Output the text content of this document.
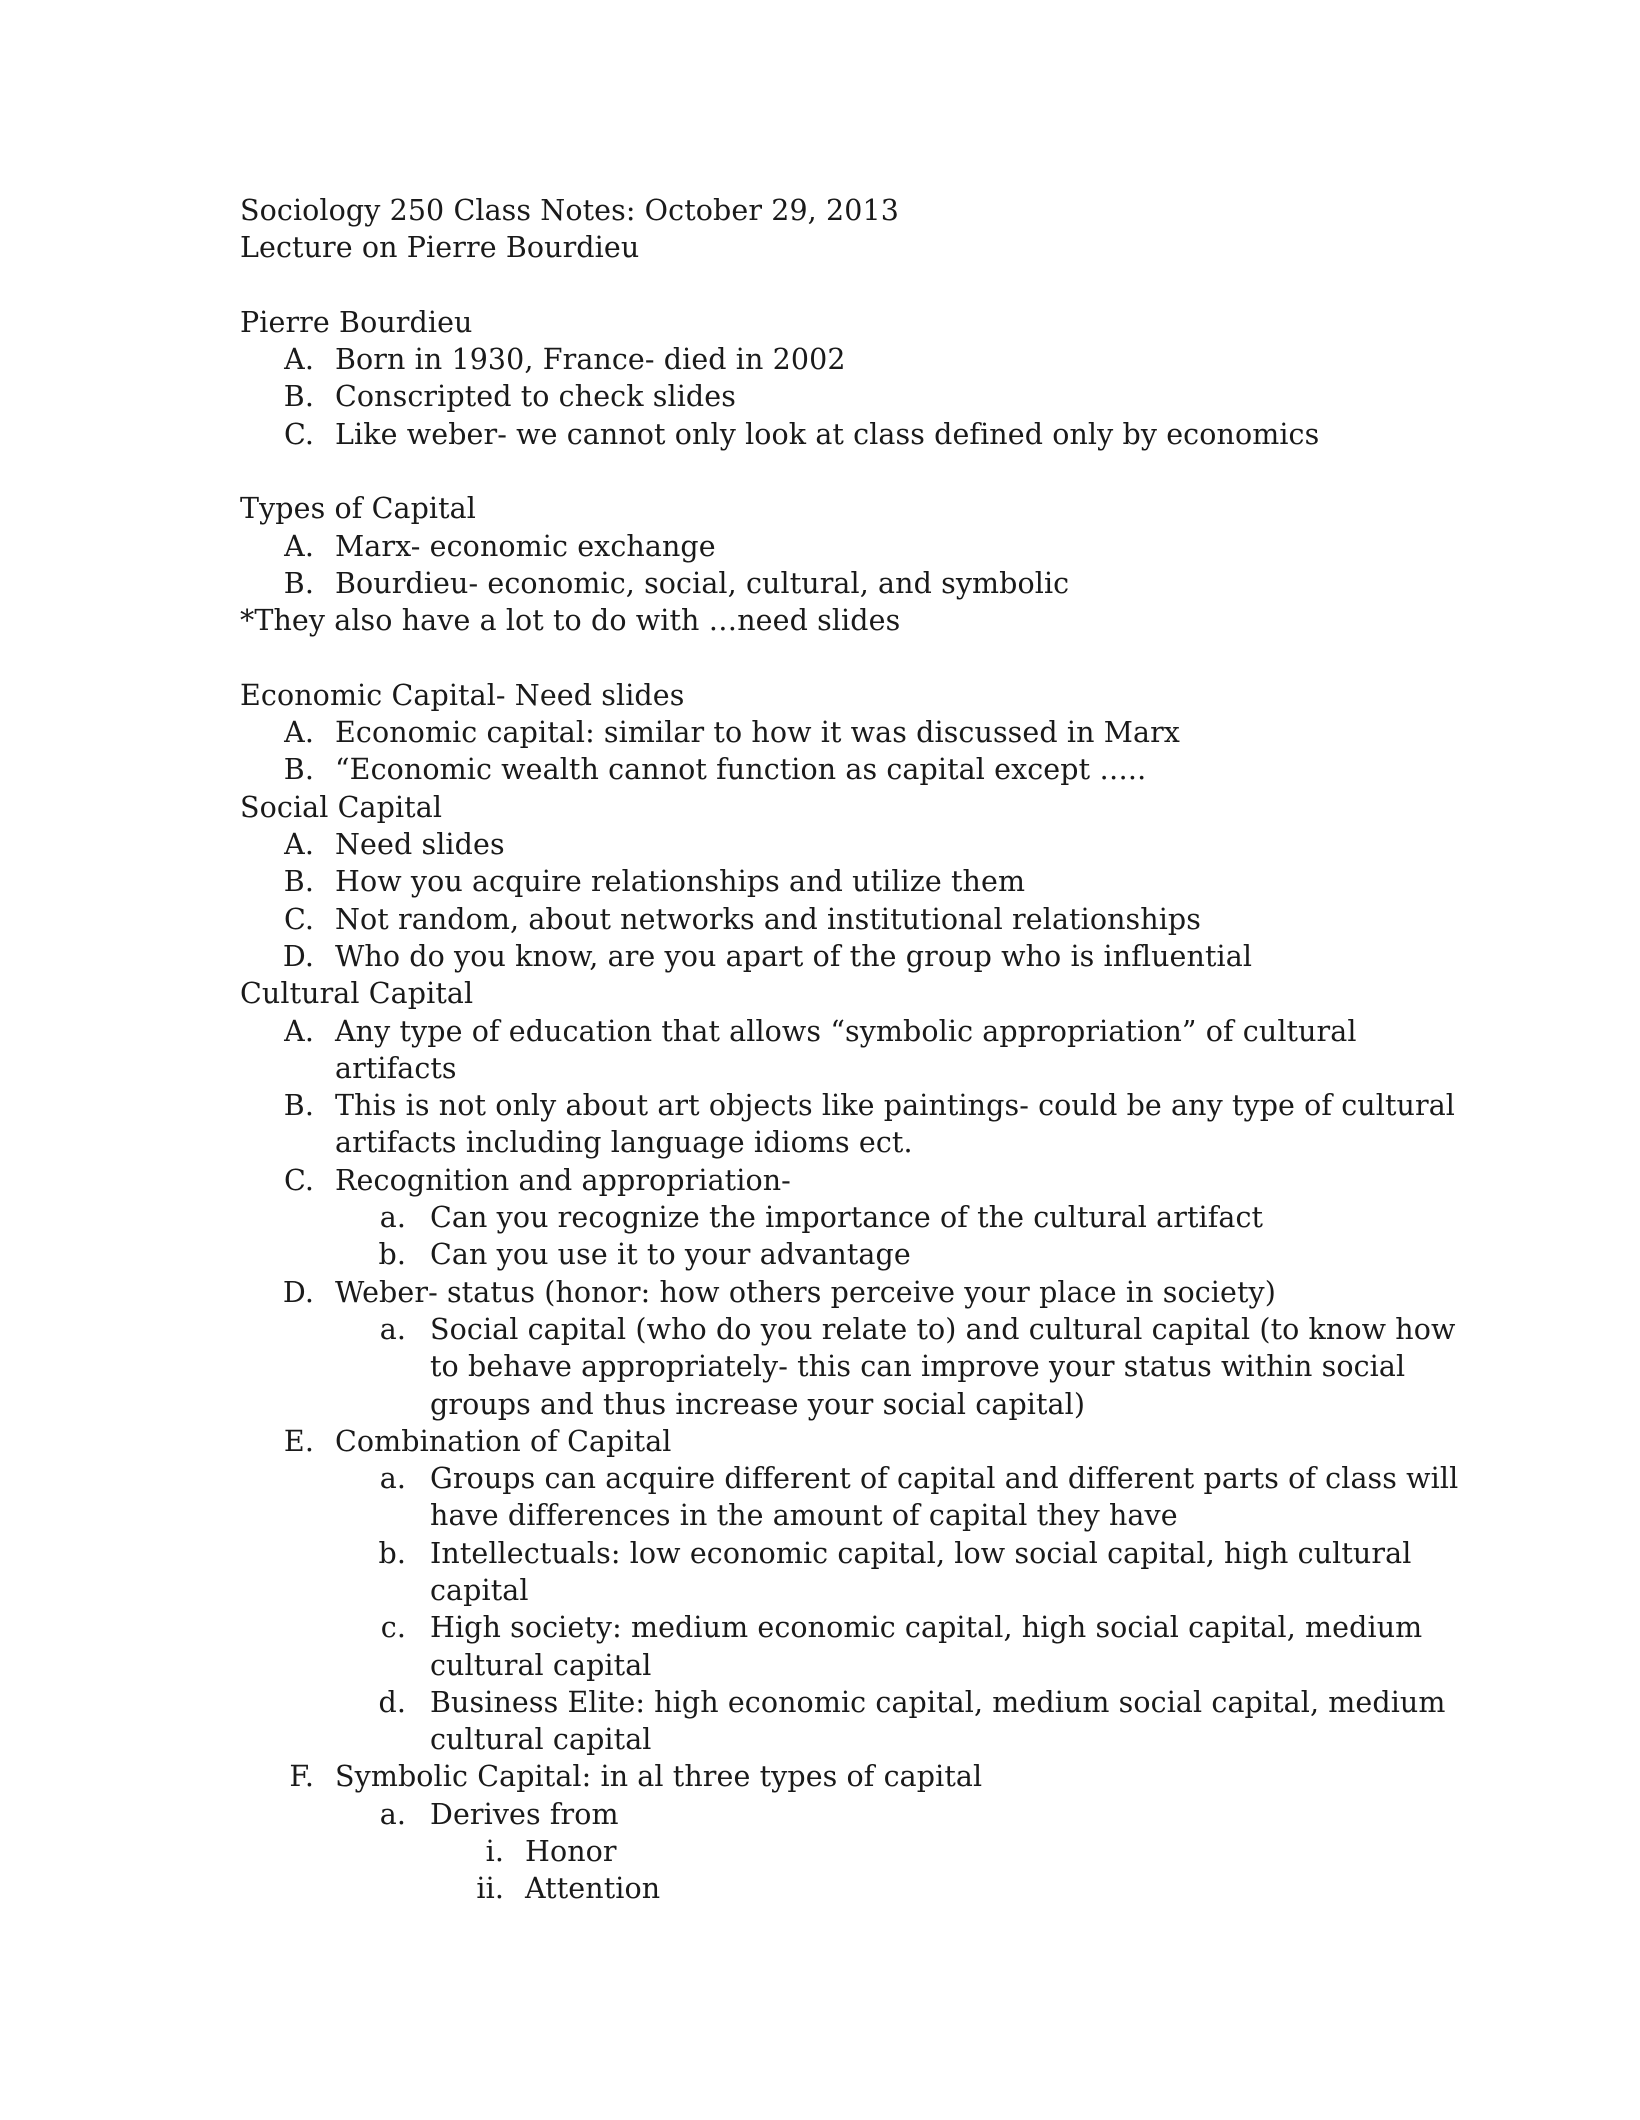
Sociology 250 Class Notes: October 29, 2013
Lecture on Pierre Bourdieu
Pierre Bourdieu
A. Born in 1930, France- died in 2002
B. Conscripted to check slides
C. Like weber- we cannot only look at class defined only by economics
Types of Capital
A. Marx- economic exchange
B. Bourdieu- economic, social, cultural, and symbolic
*They also have a lot to do with …need slides
Economic Capital- Need slides
A. Economic capital: similar to how it was discussed in Marx
B. “Economic wealth cannot function as capital except …..
Social Capital
A. Need slides
B. How you acquire relationships and utilize them
C. Not random, about networks and institutional relationships
D. Who do you know, are you apart of the group who is influential
Cultural Capital
A. Any type of education that allows “symbolic appropriation” of cultural
artifacts
B. This is not only about art objects like paintings- could be any type of cultural
artifacts including language idioms ect.
C. Recognition and appropriation-
a. Can you recognize the importance of the cultural artifact
b. Can you use it to your advantage
D. Weber- status (honor: how others perceive your place in society)
a. Social capital (who do you relate to) and cultural capital (to know how
to behave appropriately- this can improve your status within social
groups and thus increase your social capital)
E. Combination of Capital
a. Groups can acquire different of capital and different parts of class will
have differences in the amount of capital they have
b. Intellectuals: low economic capital, low social capital, high cultural
capital
c. High society: medium economic capital, high social capital, medium
cultural capital
d. Business Elite: high economic capital, medium social capital, medium
cultural capital
F. Symbolic Capital: in al three types of capital
a. Derives from
i. Honor
ii. Attention
